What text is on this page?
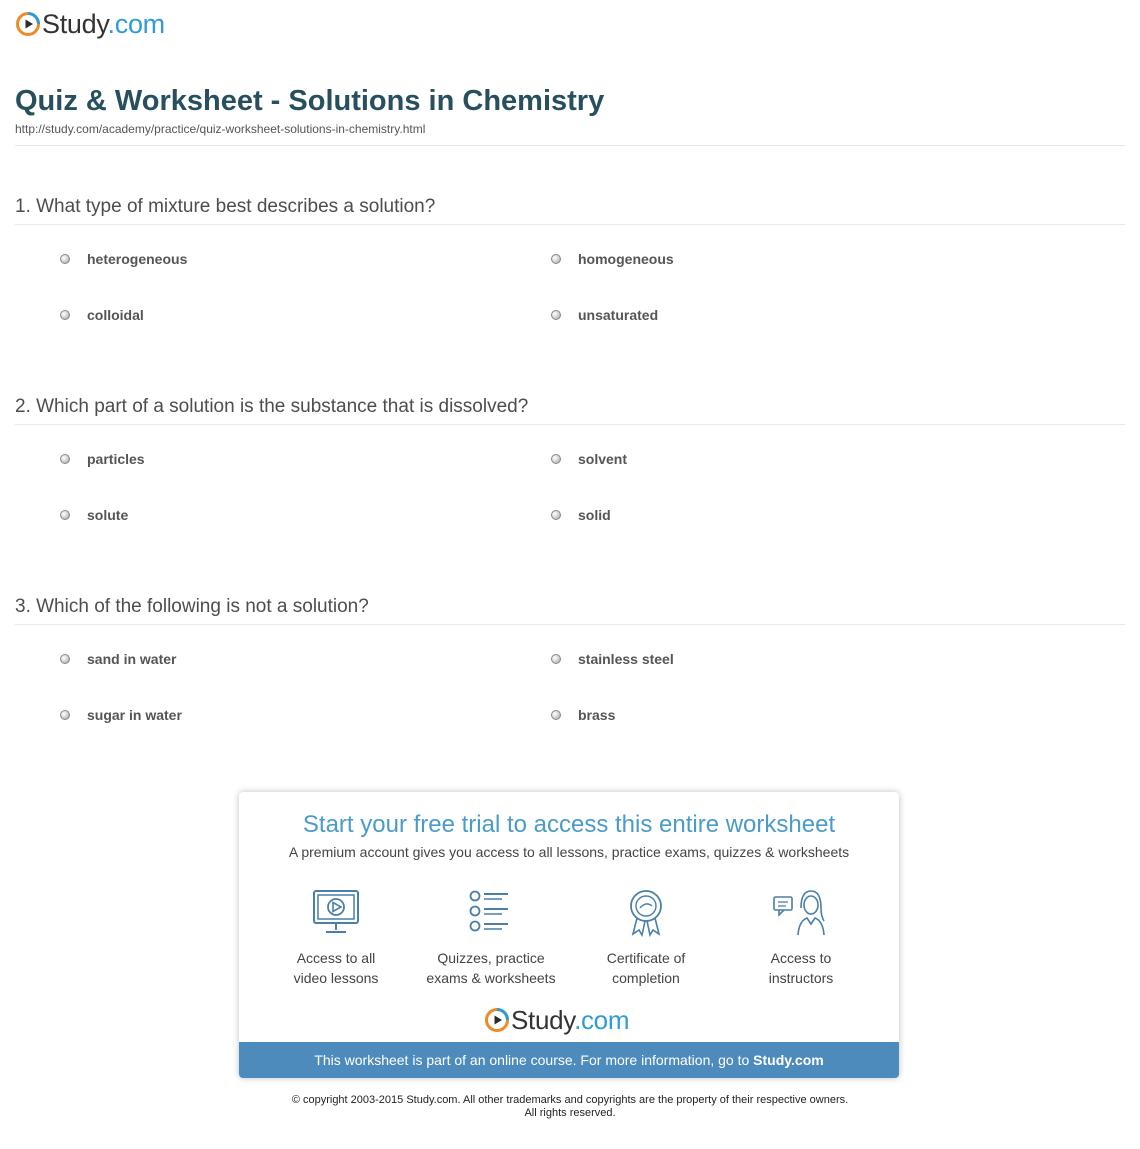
Study.com
Quiz & Worksheet - Solutions in Chemistry
http://study.com/academy/practice/quiz-worksheet-solutions-in-chemistry.html
1. What type of mixture best describes a solution?
heterogeneous	homogeneous
colloidal	unsaturated
2. Which part of a solution is the substance that is dissolved?
particles	solvent
solute	solid
3. Which of the following is not a solution?
sand in water	stainless steel
sugar in water	brass
Start your free trial to access this entire worksheet
A premium account gives you access to all lessons, practice exams, quizzes & worksheets
Access to all
video lessons
Quizzes, practice
exams & worksheets
Certificate of
completion
Access to
instructors
Study.com
This worksheet is part of an online course. For more information, go to Study.com
© copyright 2003-2015 Study.com. All other trademarks and copyrights are the property of their respective owners.
All rights reserved.
